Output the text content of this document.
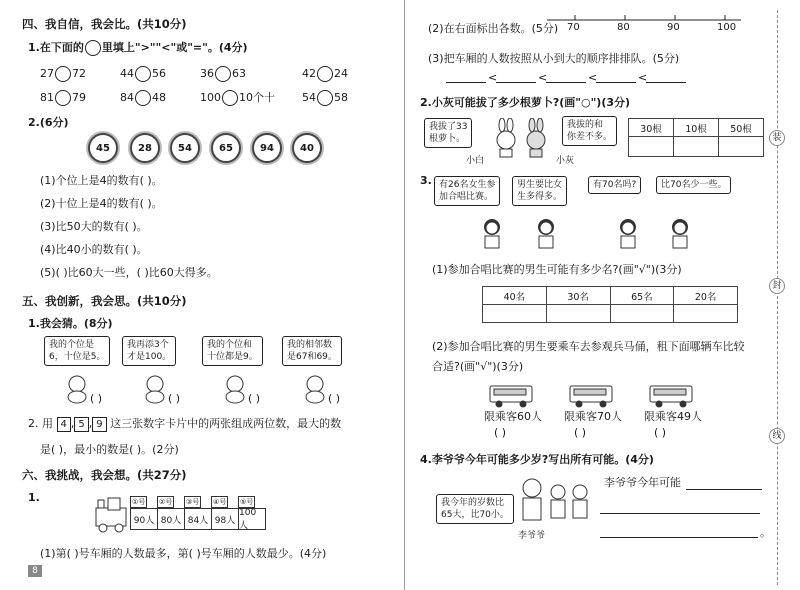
四、我自信，我会比。(共10分)
1.在下面的 里填上">""<"或"="。(4分)
27 72	44 56	36 63	42 24
81 79	84 48	100 10个十 54 58
2.(6分)
45	28	54	65	94	40
(1)个位上是4的数有( )。
(2)十位上是4的数有( )。
(3)比50大的数有( )。
(4)比40小的数有( )。
(5)( )比60大一些，( )比60大得多。
五、我创新，我会思。(共10分)
1.我会猜。(8分)
我的个位是
6，十位是5。
( )
我再添3个
才是100。
( )
我的个位和
十位都是9。
( )
我的相邻数
是67和69。
( )
2. 用 4 , 5 , 9 这三张数字卡片中的两张组成两位数，最大的数
是( )，最小的数是( )。(2分)
六、我挑战，我会想。(共27分)
1.	①号
90人
②号
80人
③号
84人
④号
98人
⑤号
100人
(1)第( )号车厢的人数最多，第( )号车厢的人数最少。(4分)
8
(2)在右面标出各数。(5分) 70	80	90	100
(3)把车厢的人数按照从小到大的顺序排排队。(5分)
<	<	<	<
2.小灰可能拔了多少根萝卜?(画"○")(3分)
我拔了33
根萝卜。
我拔的和
你差不多。
小白	小灰
30根	10根	50根

3. 有26名女生参
加合唱比赛。
男生要比女
生多得多。
有70名吗?	比70名少一些。
(1)参加合唱比赛的男生可能有多少名?(画"√")(3分)
40名	30名	65名	20名

(2)参加合唱比赛的男生要乘车去参观兵马俑，租下面哪辆车比较
合适?(画"√")(3分)
限乘客60人
( )
限乘客70人
( )
限乘客49人
( )
4.李爷爷今年可能多少岁?写出所有可能。(4分)
我今年的岁数比
65大，比70小。
李爷爷
李爷爷今年可能
。
装
封
线
